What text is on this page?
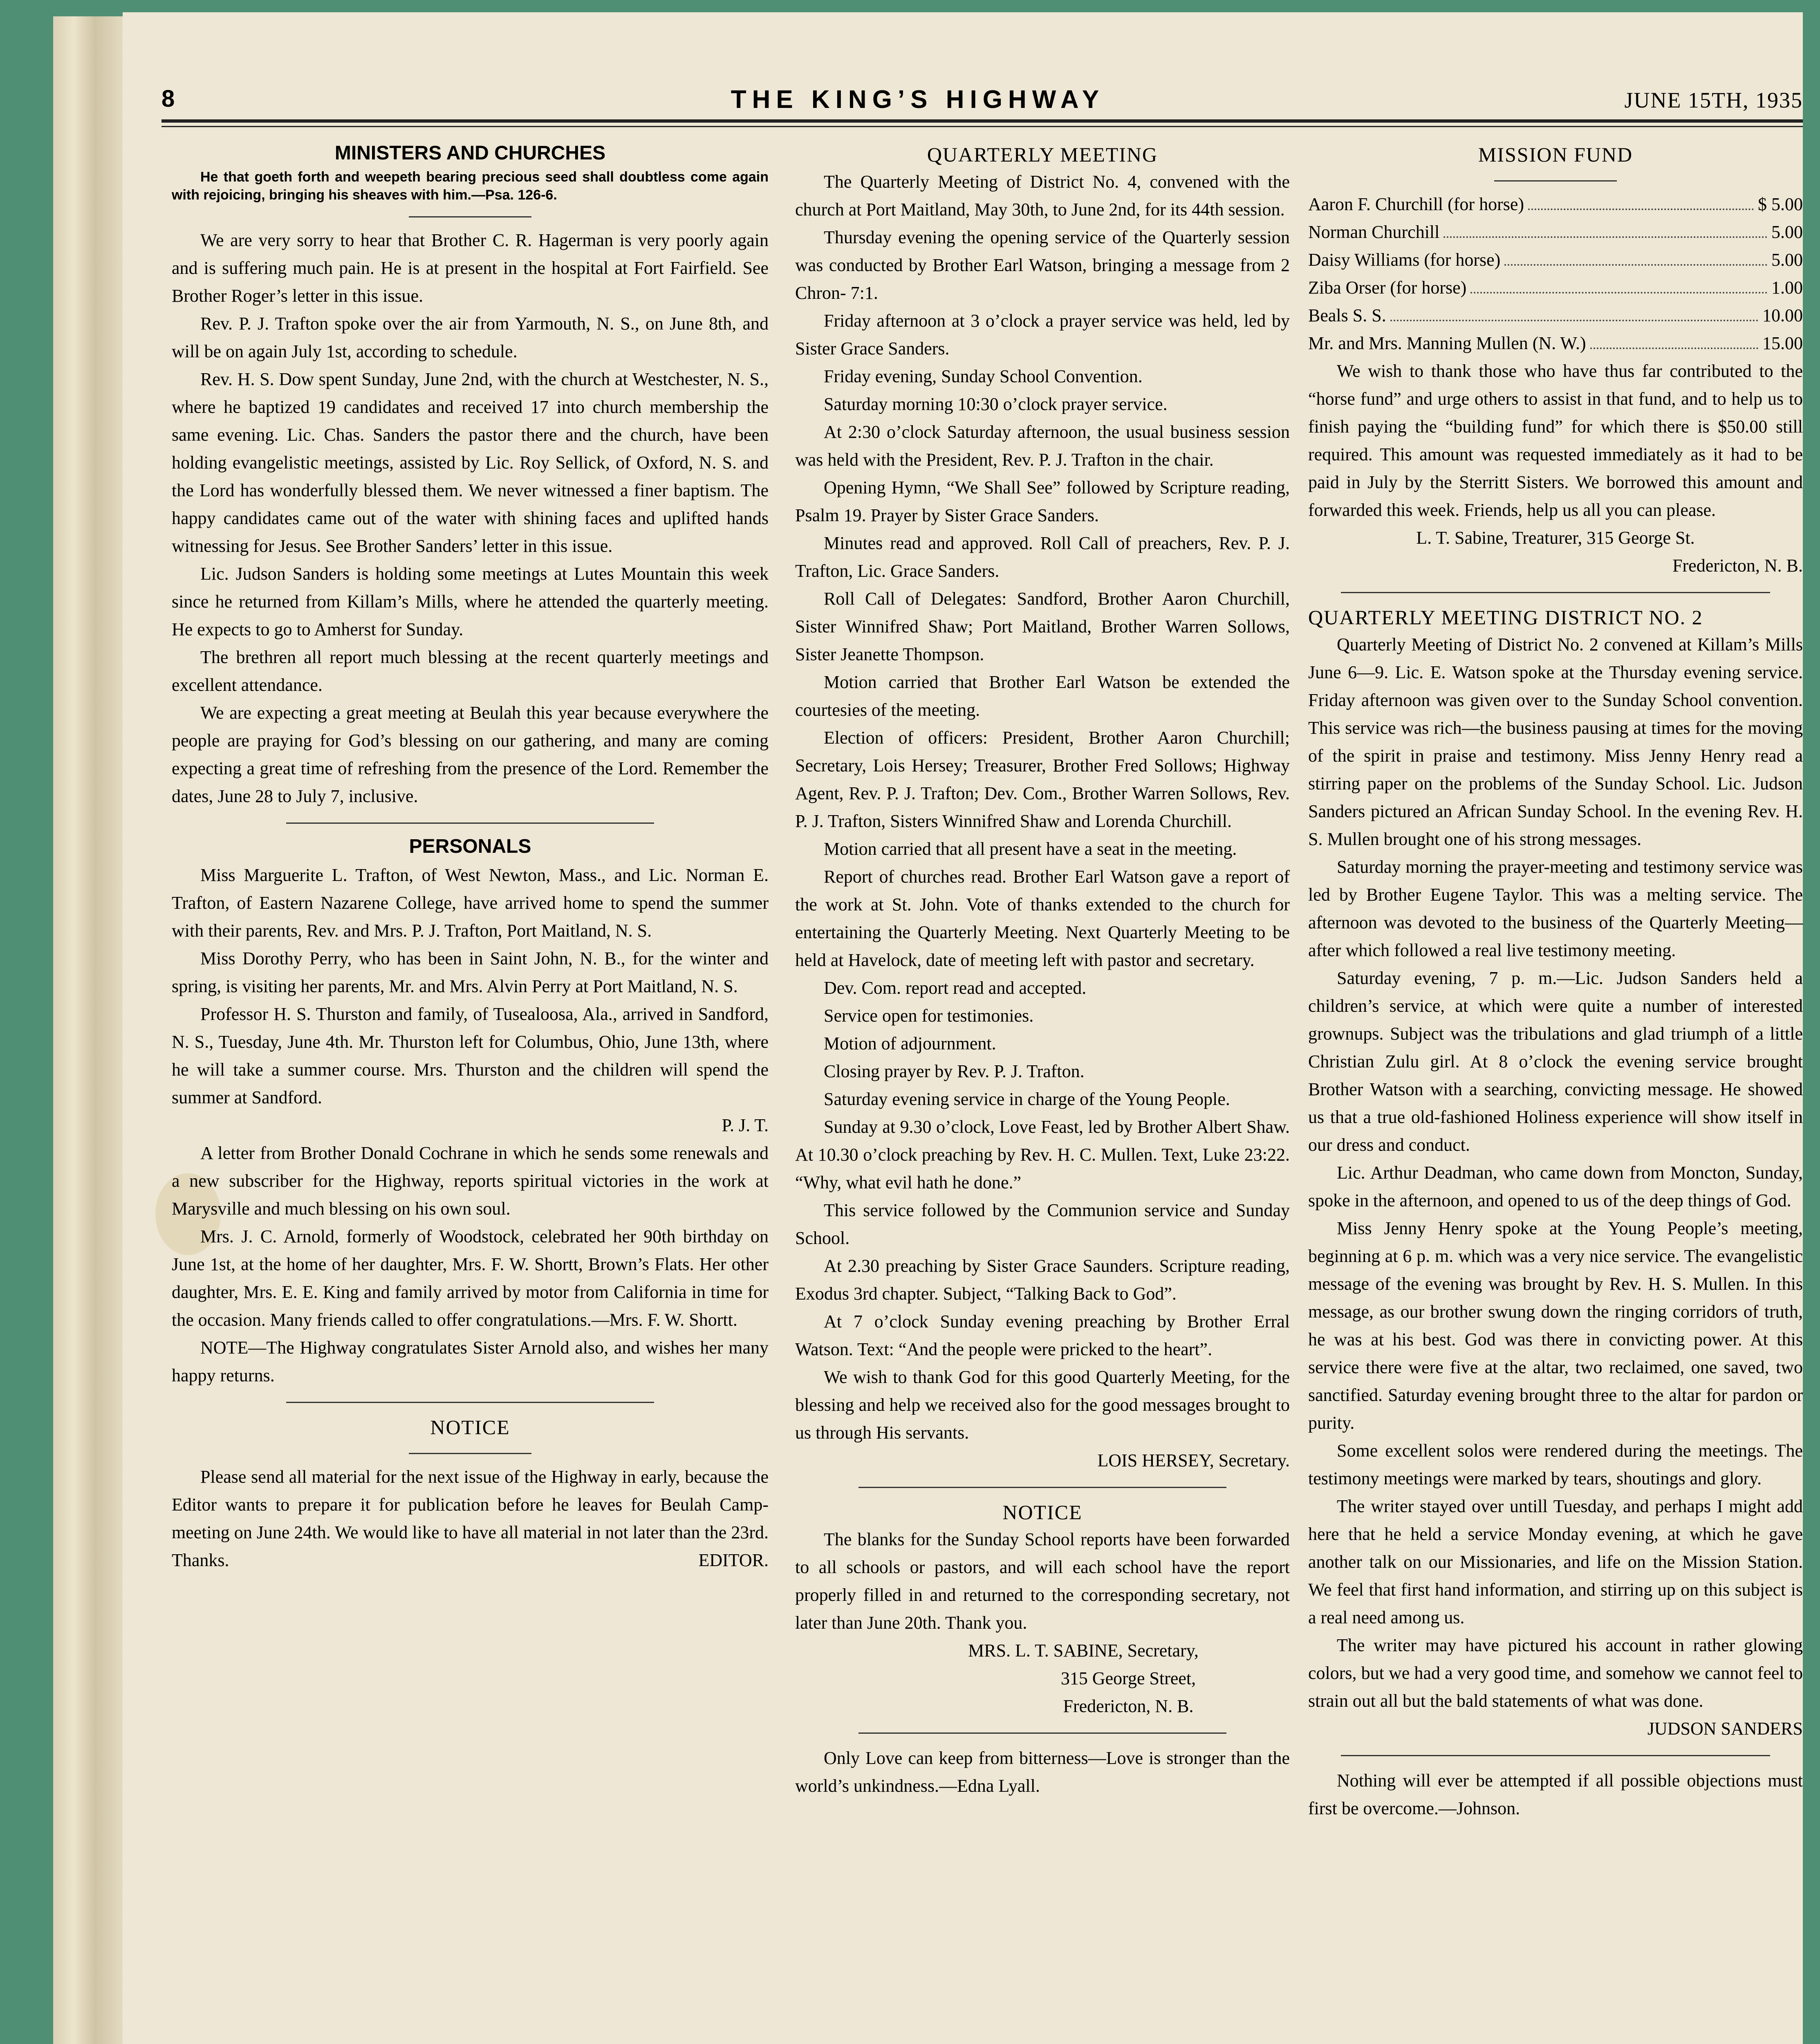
8	THE KING’S HIGHWAY	JUNE 15TH, 1935
MINISTERS AND CHURCHES

He that goeth forth and weepeth bearing precious seed shall doubtless come again with rejoicing, bringing his sheaves with him.—Psa. 126-6.

We are very sorry to hear that Brother C. R. Hagerman is very poorly again and is suffering much pain. He is at present in the hospital at Fort Fairfield. See Brother Roger’s letter in this issue.

Rev. P. J. Trafton spoke over the air from Yarmouth, N. S., on June 8th, and will be on again July 1st, according to schedule.

Rev. H. S. Dow spent Sunday, June 2nd, with the church at Westchester, N. S., where he baptized 19 candidates and received 17 into church membership the same evening. Lic. Chas. Sanders the pastor there and the church, have been holding evangelistic meetings, assisted by Lic. Roy Sellick, of Oxford, N. S. and the Lord has wonderfully blessed them. We never witnessed a finer baptism. The happy candidates came out of the water with shining faces and uplifted hands witnessing for Jesus. See Brother Sanders’ letter in this issue.

Lic. Judson Sanders is holding some meetings at Lutes Mountain this week since he returned from Killam’s Mills, where he attended the quarterly meeting. He expects to go to Amherst for Sunday.

The brethren all report much blessing at the recent quarterly meetings and excellent attendance.

We are expecting a great meeting at Beulah this year because everywhere the people are praying for God’s blessing on our gathering, and many are coming expecting a great time of refreshing from the presence of the Lord. Remember the dates, June 28 to July 7, inclusive.

PERSONALS

Miss Marguerite L. Trafton, of West Newton, Mass., and Lic. Norman E. Trafton, of Eastern Nazarene College, have arrived home to spend the summer with their parents, Rev. and Mrs. P. J. Trafton, Port Maitland, N. S.

Miss Dorothy Perry, who has been in Saint John, N. B., for the winter and spring, is visiting her parents, Mr. and Mrs. Alvin Perry at Port Maitland, N. S.

Professor H. S. Thurston and family, of Tusealoosa, Ala., arrived in Sandford, N. S., Tuesday, June 4th. Mr. Thurston left for Columbus, Ohio, June 13th, where he will take a summer course. Mrs. Thurston and the children will spend the summer at Sandford.

P. J. T.

A letter from Brother Donald Cochrane in which he sends some renewals and a new subscriber for the Highway, reports spiritual victories in the work at Marysville and much blessing on his own soul.

Mrs. J. C. Arnold, formerly of Woodstock, celebrated her 90th birthday on June 1st, at the home of her daughter, Mrs. F. W. Shortt, Brown’s Flats. Her other daughter, Mrs. E. E. King and family arrived by motor from California in time for the occasion. Many friends called to offer congratulations.—Mrs. F. W. Shortt.

NOTE—The Highway congratulates Sister Arnold also, and wishes her many happy returns.

NOTICE

Please send all material for the next issue of the Highway in early, because the Editor wants to prepare it for publication before he leaves for Beulah Camp-meeting on June 24th. We would like to have all material in not later than the 23rd. Thanks.	EDITOR.

QUARTERLY MEETING

The Quarterly Meeting of District No. 4, convened with the church at Port Maitland, May 30th, to June 2nd, for its 44th session.

Thursday evening the opening service of the Quarterly session was conducted by Brother Earl Watson, bringing a message from 2 Chron- 7:1.

Friday afternoon at 3 o’clock a prayer service was held, led by Sister Grace Sanders.

Friday evening, Sunday School Convention.

Saturday morning 10:30 o’clock prayer service.

At 2:30 o’clock Saturday afternoon, the usual business session was held with the President, Rev. P. J. Trafton in the chair.

Opening Hymn, “We Shall See” followed by Scripture reading, Psalm 19. Prayer by Sister Grace Sanders.

Minutes read and approved. Roll Call of preachers, Rev. P. J. Trafton, Lic. Grace Sanders.

Roll Call of Delegates: Sandford, Brother Aaron Churchill, Sister Winnifred Shaw; Port Maitland, Brother Warren Sollows, Sister Jeanette Thompson.

Motion carried that Brother Earl Watson be extended the courtesies of the meeting.

Election of officers: President, Brother Aaron Churchill; Secretary, Lois Hersey; Treasurer, Brother Fred Sollows; Highway Agent, Rev. P. J. Trafton; Dev. Com., Brother Warren Sollows, Rev. P. J. Trafton, Sisters Winnifred Shaw and Lorenda Churchill.

Motion carried that all present have a seat in the meeting.

Report of churches read. Brother Earl Watson gave a report of the work at St. John. Vote of thanks extended to the church for entertaining the Quarterly Meeting. Next Quarterly Meeting to be held at Havelock, date of meeting left with pastor and secretary.

Dev. Com. report read and accepted.

Service open for testimonies.

Motion of adjournment.

Closing prayer by Rev. P. J. Trafton.

Saturday evening service in charge of the Young People.

Sunday at 9.30 o’clock, Love Feast, led by Brother Albert Shaw. At 10.30 o’clock preaching by Rev. H. C. Mullen. Text, Luke 23:22. “Why, what evil hath he done.”

This service followed by the Communion service and Sunday School.

At 2.30 preaching by Sister Grace Saunders. Scripture reading, Exodus 3rd chapter. Subject, “Talking Back to God”.

At 7 o’clock Sunday evening preaching by Brother Erral Watson. Text: “And the people were pricked to the heart”.

We wish to thank God for this good Quarterly Meeting, for the blessing and help we received also for the good messages brought to us through His servants.

LOIS HERSEY, Secretary.

NOTICE

The blanks for the Sunday School reports have been forwarded to all schools or pastors, and will each school have the report properly filled in and returned to the corresponding secretary, not later than June 20th. Thank you.

MRS. L. T. SABINE, Secretary,

315 George Street,

Fredericton, N. B.

Only Love can keep from bitterness—Love is stronger than the world’s unkindness.—Edna Lyall.

MISSION FUND
Aaron F. Churchill (for horse)	$ 5.00
Norman Churchill	5.00
Daisy Williams (for horse)	5.00
Ziba Orser (for horse)	1.00
Beals S. S.	10.00
Mr. and Mrs. Manning Mullen (N. W.)	15.00

We wish to thank those who have thus far contributed to the “horse fund” and urge others to assist in that fund, and to help us to finish paying the “building fund” for which there is $50.00 still required. This amount was requested immediately as it had to be paid in July by the Sterritt Sisters. We borrowed this amount and forwarded this week. Friends, help us all you can please.

L. T. Sabine, Treaturer, 315 George St.

Fredericton, N. B.

QUARTERLY MEETING DISTRICT NO. 2

Quarterly Meeting of District No. 2 convened at Killam’s Mills June 6—9. Lic. E. Watson spoke at the Thursday evening service. Friday afternoon was given over to the Sunday School convention. This service was rich—the business pausing at times for the moving of the spirit in praise and testimony. Miss Jenny Henry read a stirring paper on the problems of the Sunday School. Lic. Judson Sanders pictured an African Sunday School. In the evening Rev. H. S. Mullen brought one of his strong messages.

Saturday morning the prayer-meeting and testimony service was led by Brother Eugene Taylor. This was a melting service. The afternoon was devoted to the business of the Quarterly Meeting—after which followed a real live testimony meeting.

Saturday evening, 7 p. m.—Lic. Judson Sanders held a children’s service, at which were quite a number of interested grownups. Subject was the tribulations and glad triumph of a little Christian Zulu girl. At 8 o’clock the evening service brought Brother Watson with a searching, convicting message. He showed us that a true old-fashioned Holiness experience will show itself in our dress and conduct.

Lic. Arthur Deadman, who came down from Moncton, Sunday, spoke in the afternoon, and opened to us of the deep things of God.

Miss Jenny Henry spoke at the Young People’s meeting, beginning at 6 p. m. which was a very nice service. The evangelistic message of the evening was brought by Rev. H. S. Mullen. In this message, as our brother swung down the ringing corridors of truth, he was at his best. God was there in convicting power. At this service there were five at the altar, two reclaimed, one saved, two sanctified. Saturday evening brought three to the altar for pardon or purity.

Some excellent solos were rendered during the meetings. The testimony meetings were marked by tears, shoutings and glory.

The writer stayed over untill Tuesday, and perhaps I might add here that he held a service Monday evening, at which he gave another talk on our Missionaries, and life on the Mission Station. We feel that first hand information, and stirring up on this subject is a real need among us.

The writer may have pictured his account in rather glowing colors, but we had a very good time, and somehow we cannot feel to strain out all but the bald statements of what was done.

JUDSON SANDERS

Nothing will ever be attempted if all possible objections must first be overcome.—Johnson.
